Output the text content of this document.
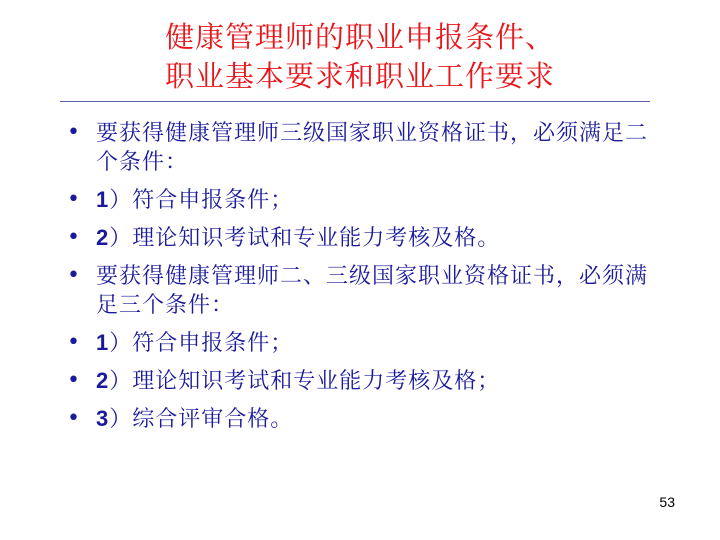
健康管理师的职业申报条件、
职业基本要求和职业工作要求
• 要获得健康管理师三级国家职业资格证书，必须满足二个条件：
• 1）符合申报条件；
• 2）理论知识考试和专业能力考核及格。
• 要获得健康管理师二、三级国家职业资格证书，必须满足三个条件：
• 1）符合申报条件；
• 2）理论知识考试和专业能力考核及格；
• 3）综合评审合格。
53
